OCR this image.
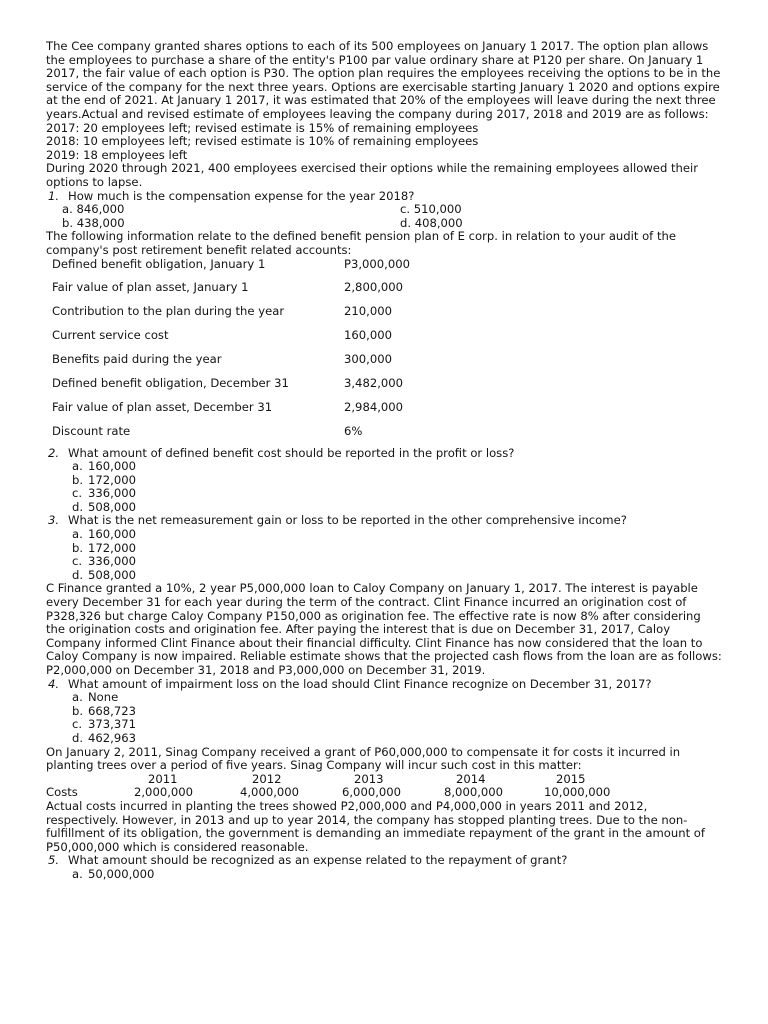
The Cee company granted shares options to each of its 500 employees on January 1 2017. The option plan allows the employees to purchase a share of the entity's P100 par value ordinary share at P120 per share. On January 1 2017, the fair value of each option is P30. The option plan requires the employees receiving the options to be in the service of the company for the next three years. Options are exercisable starting January 1 2020 and options expire at the end of 2021. At January 1 2017, it was estimated that 20% of the employees will leave during the next three years.Actual and revised estimate of employees leaving the company during 2017, 2018 and 2019 are as follows:

2017: 20 employees left; revised estimate is 15% of remaining employees

2018: 10 employees left; revised estimate is 10% of remaining employees

2019: 18 employees left

During 2020 through 2021, 400 employees exercised their options while the remaining employees allowed their options to lapse.

1. How much is the compensation expense for the year 2018?
a. 846,000
b. 438,000
c. 510,000
d. 408,000

The following information relate to the defined benefit pension plan of E corp. in relation to your audit of the company's post retirement benefit related accounts:

Defined benefit obligation, January 1	P3,000,000
Fair value of plan asset, January 1	2,800,000
Contribution to the plan during the year	210,000
Current service cost	160,000
Benefits paid during the year	300,000
Defined benefit obligation, December 31	3,482,000
Fair value of plan asset, December 31	2,984,000
Discount rate	6%
2. What amount of defined benefit cost should be reported in the profit or loss?
a. 160,000
b. 172,000
c. 336,000
d. 508,000
3. What is the net remeasurement gain or loss to be reported in the other comprehensive income?
a. 160,000
b. 172,000
c. 336,000
d. 508,000

C Finance granted a 10%, 2 year P5,000,000 loan to Caloy Company on January 1, 2017. The interest is payable every December 31 for each year during the term of the contract. Clint Finance incurred an origination cost of P328,326 but charge Caloy Company P150,000 as origination fee. The effective rate is now 8% after considering the origination costs and origination fee. After paying the interest that is due on December 31, 2017, Caloy Company informed Clint Finance about their financial difficulty. Clint Finance has now considered that the loan to Caloy Company is now impaired. Reliable estimate shows that the projected cash flows from the loan are as follows: P2,000,000 on December 31, 2018 and P3,000,000 on December 31, 2019.

4. What amount of impairment loss on the load should Clint Finance recognize on December 31, 2017?
a. None
b. 668,723
c. 373,371
d. 462,963

On January 2, 2011, Sinag Company received a grant of P60,000,000 to compensate it for costs it incurred in planting trees over a period of five years. Sinag Company will incur such cost in this matter:

	2011	2012	2013	2014	2015
Costs	2,000,000	4,000,000	6,000,000	8,000,000	10,000,000

Actual costs incurred in planting the trees showed P2,000,000 and P4,000,000 in years 2011 and 2012, respectively. However, in 2013 and up to year 2014, the company has stopped planting trees. Due to the non-fulfillment of its obligation, the government is demanding an immediate repayment of the grant in the amount of P50,000,000 which is considered reasonable.

5. What amount should be recognized as an expense related to the repayment of grant?
a. 50,000,000
